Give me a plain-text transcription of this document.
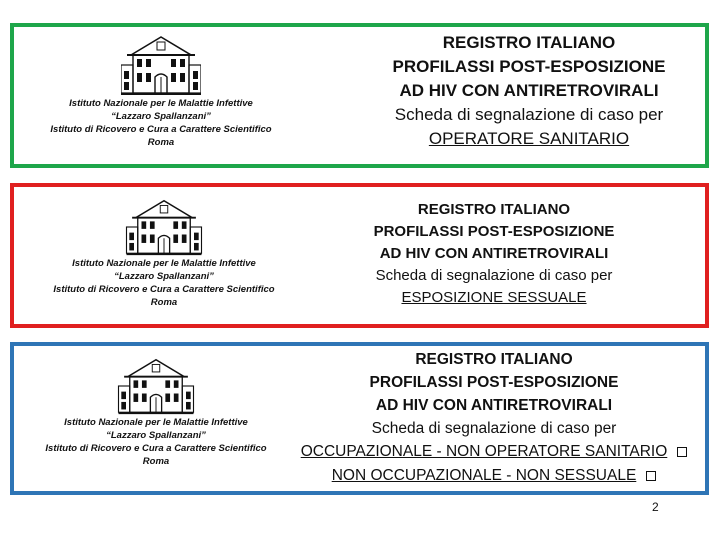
Istituto Nazionale per le Malattie Infettive
“Lazzaro Spallanzani”
Istituto di Ricovero e Cura a Carattere Scientifico
Roma
REGISTRO ITALIANO
PROFILASSI POST-ESPOSIZIONE
AD HIV CON ANTIRETROVIRALI
Scheda di segnalazione di caso per
OPERATORE SANITARIO
Istituto Nazionale per le Malattie Infettive
“Lazzaro Spallanzani”
Istituto di Ricovero e Cura a Carattere Scientifico
Roma
REGISTRO ITALIANO
PROFILASSI POST-ESPOSIZIONE
AD HIV CON ANTIRETROVIRALI
Scheda di segnalazione di caso per
ESPOSIZIONE SESSUALE
Istituto Nazionale per le Malattie Infettive
“Lazzaro Spallanzani”
Istituto di Ricovero e Cura a Carattere Scientifico
Roma
REGISTRO ITALIANO
PROFILASSI POST-ESPOSIZIONE
AD HIV CON ANTIRETROVIRALI
Scheda di segnalazione di caso per
OCCUPAZIONALE - NON OPERATORE SANITARIO
NON OCCUPAZIONALE - NON SESSUALE
2
